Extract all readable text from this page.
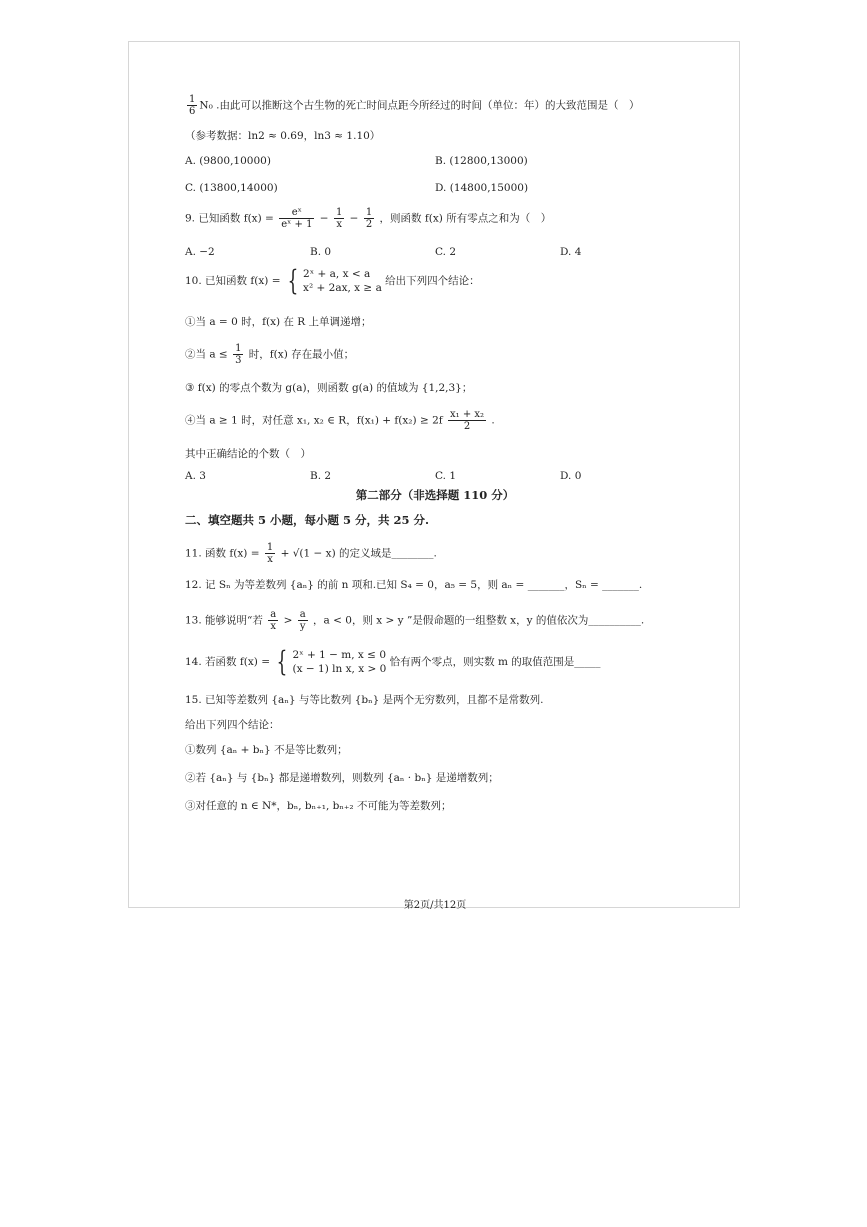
$\frac{1}{6} N_0$ .由此可以推断这个古生物的死亡时间点距今所经过的时间（单位：年）的大致范围是（　）
（参考数据：ln2 ≈ 0.69，ln3 ≈ 1.10）
A. (9800,10000)	B. (12800,13000)
C. (13800,14000)	D. (14800,15000)
9. 已知函数 $f(x) = \frac{\text{eˣ}}{\text{eˣ + 1}} - \frac{1}{x} - \frac{1}{2}$ ，则函数 f(x) 所有零点之和为（　）
A. −2	B. 0	C. 2	D. 4
10. 已知函数 f(x) = { 2ˣ + a, x < a
x² + 2ax, x ≥ a
给出下列四个结论：
①当 a = 0 时，f(x) 在 R 上单调递增；
②当 $a \le \frac{1}{3}$ 时，f(x) 存在最小值；
③ f(x) 的零点个数为 g(a)，则函数 g(a) 的值域为 {1,2,3}；
④当 a ≥ 1 时，对任意 x₁, x₂ ∈ R，$f(x_1) + f(x_2) \ge 2f \frac{\text{x₁ + x₂}}{2}$ .
其中正确结论的个数（　）
A. 3	B. 2	C. 1	D. 0
第二部分（非选择题 110 分）
二、填空题共 5 小题，每小题 5 分，共 25 分.
11. 函数 $f(x) = \frac{1}{x} + √(1 - x)$ 的定义域是________.
12. 记 Sₙ 为等差数列 {aₙ} 的前 n 项和.已知 S₄ = 0，a₅ = 5，则 aₙ = _______，Sₙ = _______.
13. 能够说明“若 $\frac{a}{x} > \frac{a}{y}$ ，a < 0，则 x > y ”是假命题的一组整数 x，y 的值依次为__________.
14. 若函数 f(x) = { 2ˣ + 1 − m, x ≤ 0
(x − 1) ln x, x > 0
恰有两个零点，则实数 m 的取值范围是_____
15. 已知等差数列 {aₙ} 与等比数列 {bₙ} 是两个无穷数列，且都不是常数列.
给出下列四个结论：
①数列 {aₙ + bₙ} 不是等比数列；
②若 {aₙ} 与 {bₙ} 都是递增数列，则数列 {aₙ · bₙ} 是递增数列；
③对任意的 n ∈ N*，bₙ, bₙ₊₁, bₙ₊₂ 不可能为等差数列；
第2页/共12页
